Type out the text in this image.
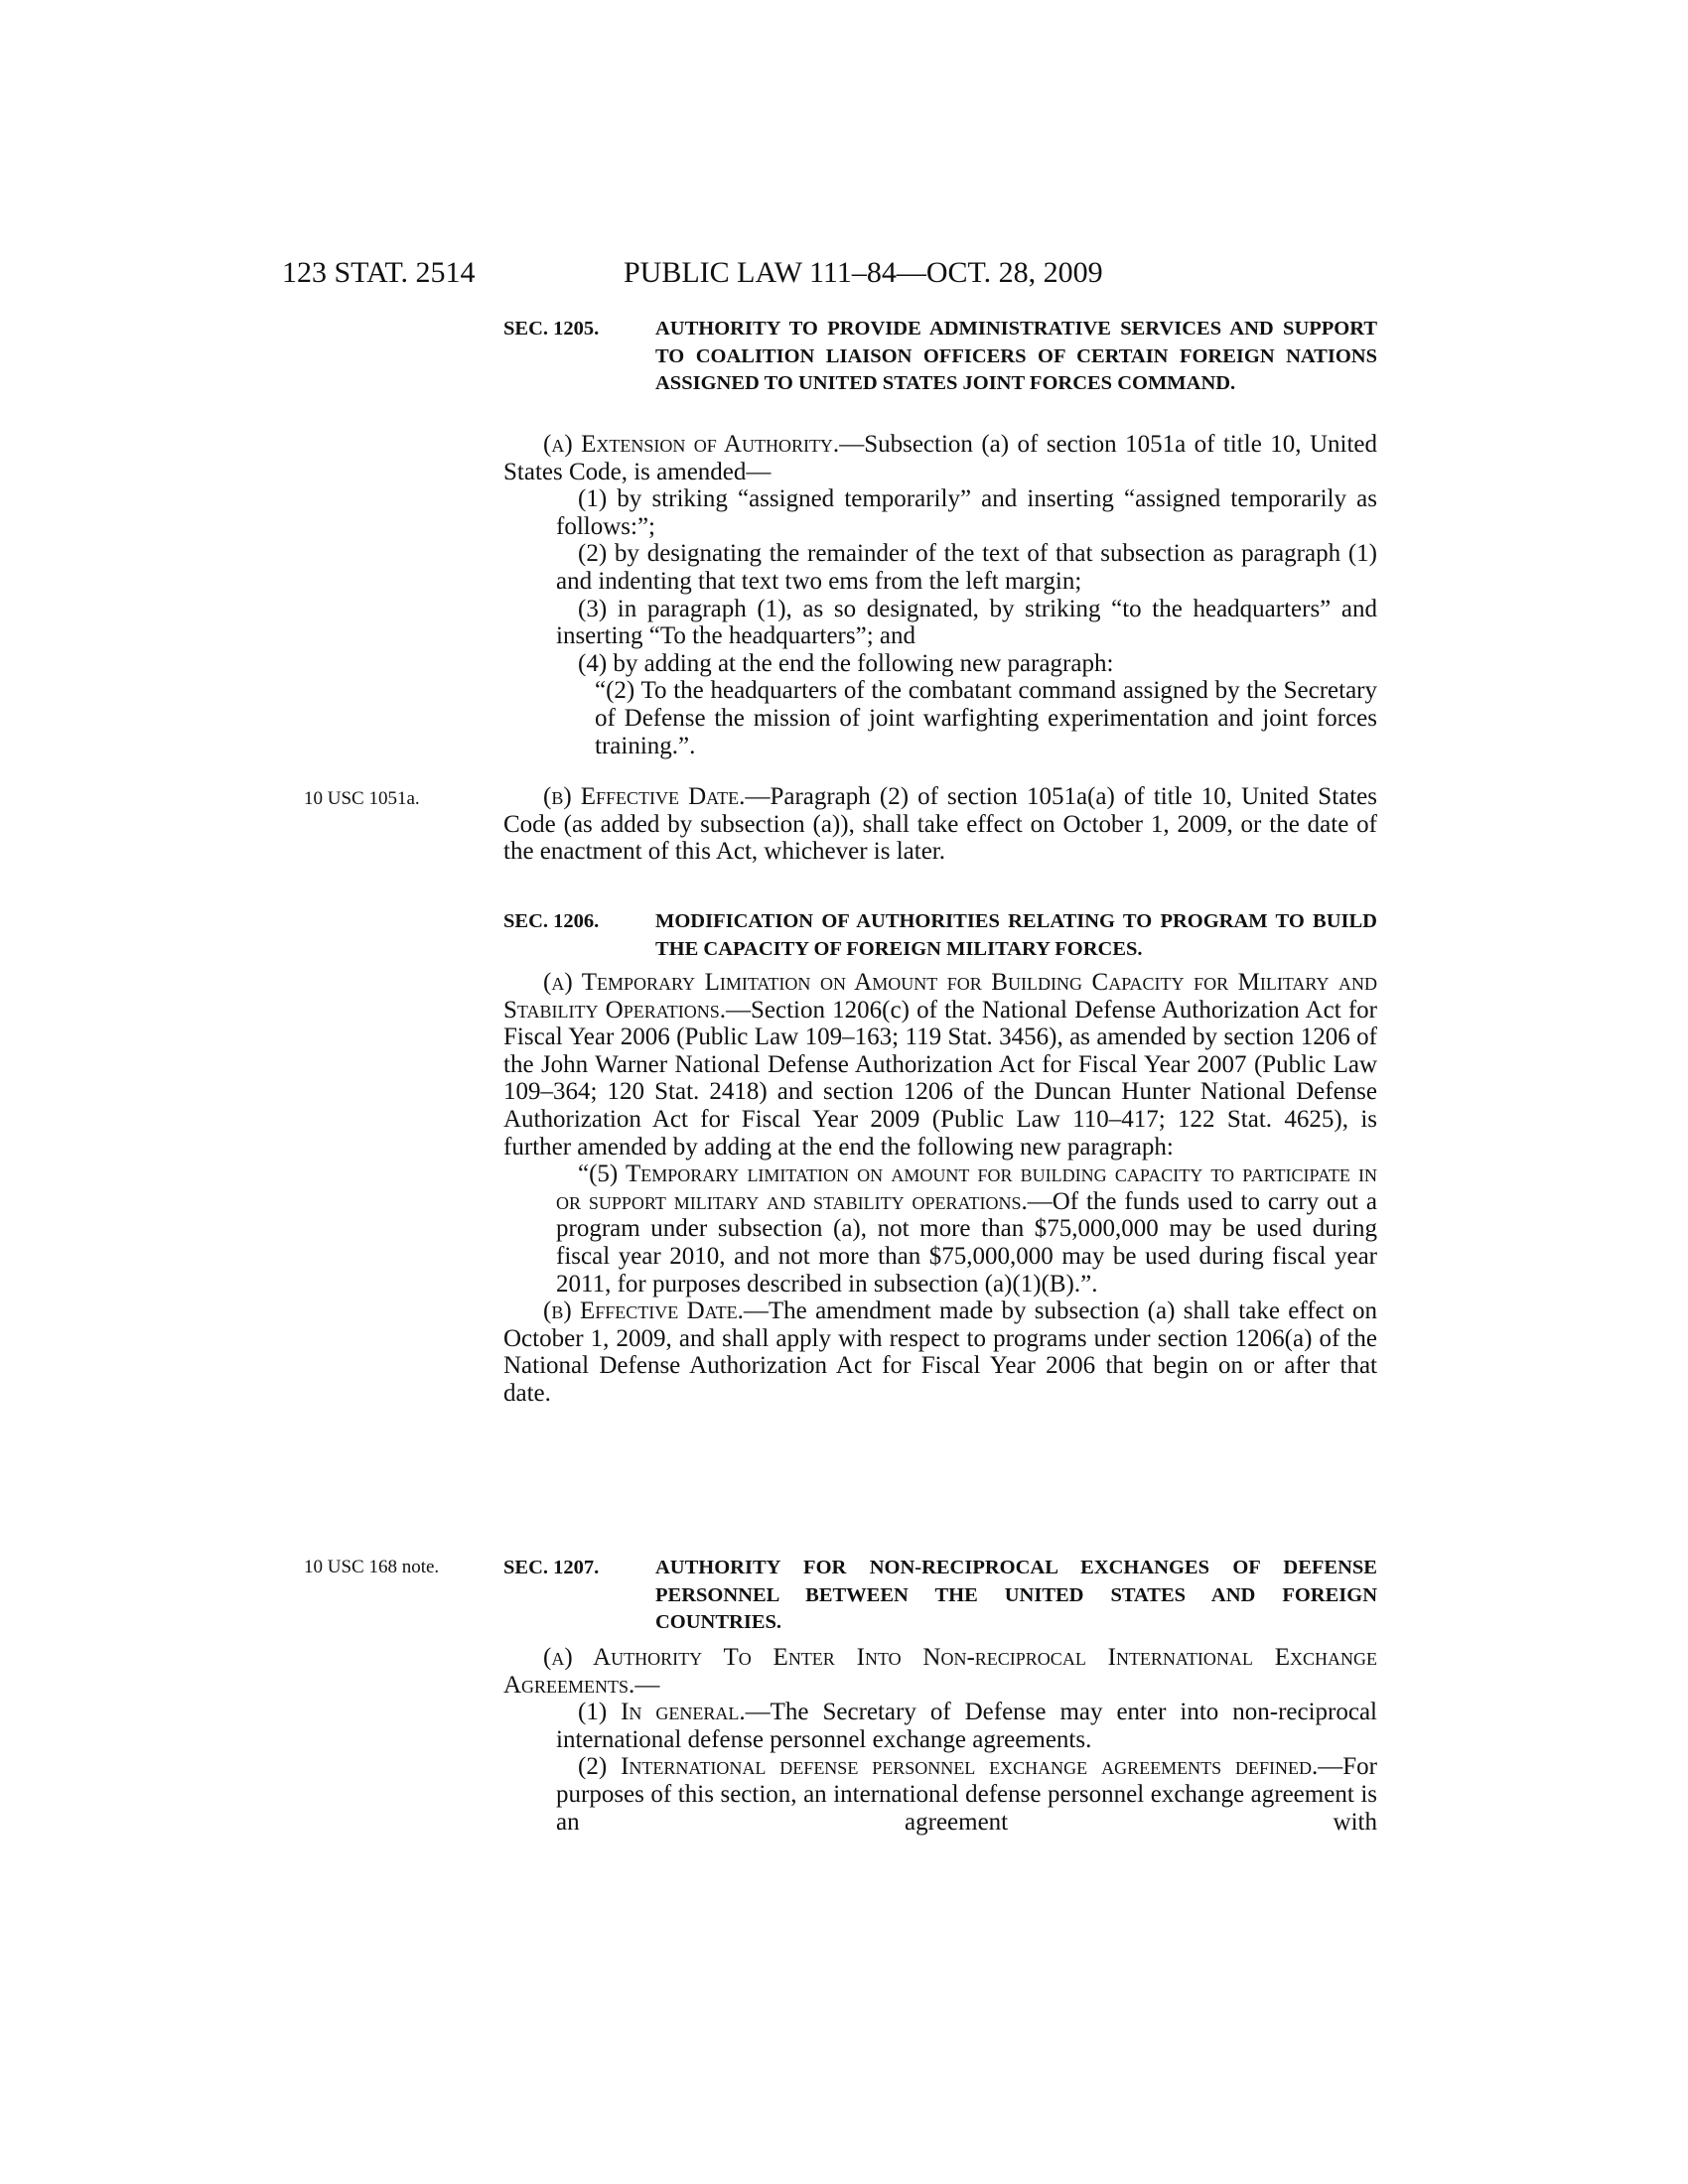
123 STAT. 2514	PUBLIC LAW 111–84—OCT. 28, 2009
SEC. 1205.	AUTHORITY TO PROVIDE ADMINISTRATIVE SERVICES AND SUPPORT TO COALITION LIAISON OFFICERS OF CERTAIN FOREIGN NATIONS ASSIGNED TO UNITED STATES JOINT FORCES COMMAND.

(a) Extension of Authority.—Subsection (a) of section 1051a of title 10, United States Code, is amended—

(1) by striking “assigned temporarily” and inserting “assigned temporarily as follows:”;

(2) by designating the remainder of the text of that subsection as paragraph (1) and indenting that text two ems from the left margin;

(3) in paragraph (1), as so designated, by striking “to the headquarters” and inserting “To the headquarters”; and

(4) by adding at the end the following new paragraph:

“(2) To the headquarters of the combatant command assigned by the Secretary of Defense the mission of joint warfighting experimentation and joint forces training.”.

10 USC 1051a.	(b) Effective Date.—Paragraph (2) of section 1051a(a) of title 10, United States Code (as added by subsection (a)), shall take effect on October 1, 2009, or the date of the enactment of this Act, whichever is later.

SEC. 1206.	MODIFICATION OF AUTHORITIES RELATING TO PROGRAM TO BUILD THE CAPACITY OF FOREIGN MILITARY FORCES.

(a) Temporary Limitation on Amount for Building Capacity for Military and Stability Operations.—Section 1206(c) of the National Defense Authorization Act for Fiscal Year 2006 (Public Law 109–163; 119 Stat. 3456), as amended by section 1206 of the John Warner National Defense Authorization Act for Fiscal Year 2007 (Public Law 109–364; 120 Stat. 2418) and section 1206 of the Duncan Hunter National Defense Authorization Act for Fiscal Year 2009 (Public Law 110–417; 122 Stat. 4625), is further amended by adding at the end the following new paragraph:

“(5) Temporary limitation on amount for building capacity to participate in or support military and stability operations.—Of the funds used to carry out a program under subsection (a), not more than $75,000,000 may be used during fiscal year 2010, and not more than $75,000,000 may be used during fiscal year 2011, for purposes described in subsection (a)(1)(B).”.

(b) Effective Date.—The amendment made by subsection (a) shall take effect on October 1, 2009, and shall apply with respect to programs under section 1206(a) of the National Defense Authorization Act for Fiscal Year 2006 that begin on or after that date.

10 USC 168 note.	SEC. 1207.	AUTHORITY FOR NON-RECIPROCAL EXCHANGES OF DEFENSE PERSONNEL BETWEEN THE UNITED STATES AND FOREIGN COUNTRIES.

(a) Authority To Enter Into Non-reciprocal International Exchange Agreements.—

(1) In general.—The Secretary of Defense may enter into non-reciprocal international defense personnel exchange agreements.

(2) International defense personnel exchange agreements defined.—For purposes of this section, an international defense personnel exchange agreement is an agreement with
